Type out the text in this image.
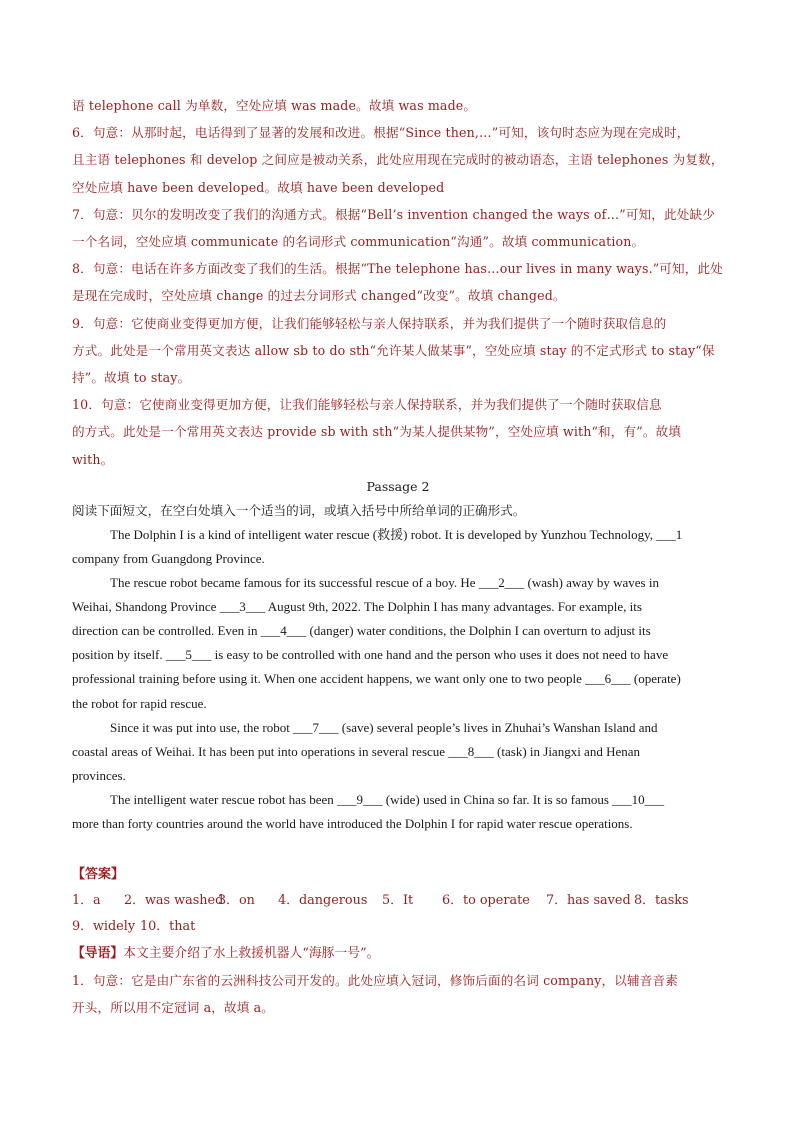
语 telephone call 为单数，空处应填 was made。故填 was made。
6．句意：从那时起，电话得到了显著的发展和改进。根据“Since then,…”可知，该句时态应为现在完成时，
且主语 telephones 和 develop 之间应是被动关系，此处应用现在完成时的被动语态，主语 telephones 为复数，
空处应填 have been developed。故填 have been developed
7．句意：贝尔的发明改变了我们的沟通方式。根据“Bell’s invention changed the ways of…”可知，此处缺少
一个名词，空处应填 communicate 的名词形式 communication“沟通”。故填 communication。
8．句意：电话在许多方面改变了我们的生活。根据“The telephone has…our lives in many ways.”可知，此处
是现在完成时，空处应填 change 的过去分词形式 changed“改变”。故填 changed。
9．句意：它使商业变得更加方便，让我们能够轻松与亲人保持联系，并为我们提供了一个随时获取信息的
方式。此处是一个常用英文表达 allow sb to do sth“允许某人做某事”，空处应填 stay 的不定式形式 to stay“保
持”。故填 to stay。
10．句意：它使商业变得更加方便，让我们能够轻松与亲人保持联系，并为我们提供了一个随时获取信息
的方式。此处是一个常用英文表达 provide sb with sth“为某人提供某物”，空处应填 with“和，有”。故填
with。
Passage 2
阅读下面短文，在空白处填入一个适当的词，或填入括号中所给单词的正确形式。
The Dolphin I is a kind of intelligent water rescue (救援) robot. It is developed by Yunzhou Technology, ___1
company from Guangdong Province.
The rescue robot became famous for its successful rescue of a boy. He ___2___ (wash) away by waves in
Weihai, Shandong Province ___3___ August 9th, 2022. The Dolphin I has many advantages. For example, its
direction can be controlled. Even in ___4___ (danger) water conditions, the Dolphin I can overturn to adjust its
position by itself. ___5___ is easy to be controlled with one hand and the person who uses it does not need to have
professional training before using it. When one accident happens, we want only one to two people ___6___ (operate)
the robot for rapid rescue.
Since it was put into use, the robot ___7___ (save) several people’s lives in Zhuhai’s Wanshan Island and
coastal areas of Weihai. It has been put into operations in several rescue ___8___ (task) in Jiangxi and Henan
provinces.
The intelligent water rescue robot has been ___9___ (wide) used in China so far. It is so famous ___10___
more than forty countries around the world have introduced the Dolphin I for rapid water rescue operations.
【答案】
1．a 2．was washed3．on 4．dangerous 5．It 6．to operate 7．has saved 8．tasks
9．widely 10．that
【导语】本文主要介绍了水上救援机器人“海豚一号”。
1．句意：它是由广东省的云洲科技公司开发的。此处应填入冠词，修饰后面的名词 company，以辅音音素
开头，所以用不定冠词 a，故填 a。
